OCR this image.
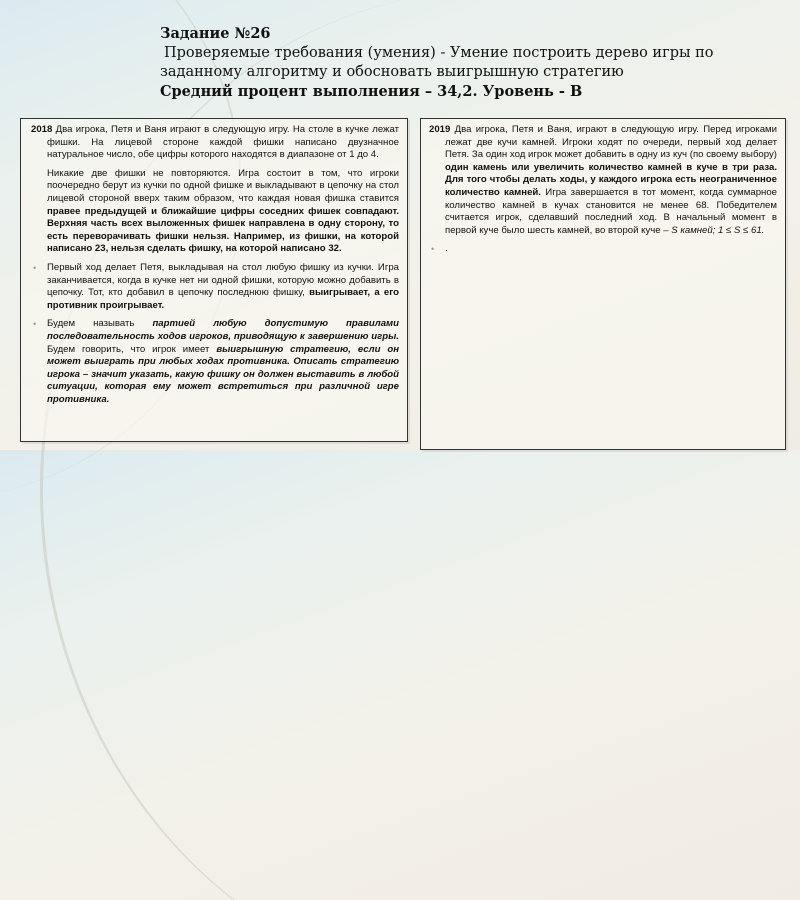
Задание №26
Проверяемые требования (умения) - Умение построить дерево игры по
заданному алгоритму и обосновать выигрышную стратегию
Средний процент выполнения – 34,2. Уровень - В

2018 Два игрока, Петя и Ваня играют в следующую игру. На столе в кучке лежат фишки. На лицевой стороне каждой фишки написано двузначное натуральное число, обе цифры которого находятся в диапазоне от 1 до 4.

Никакие две фишки не повторяются. Игра состоит в том, что игроки поочередно берут из кучки по одной фишке и выкладывают в цепочку на стол лицевой стороной вверх таким образом, что каждая новая фишка ставится правее предыдущей и ближайшие цифры соседних фишек совпадают. Верхняя часть всех выложенных фишек направлена в одну сторону, то есть переворачивать фишки нельзя. Например, из фишки, на которой написано 23, нельзя сделать фишку, на которой написано 32.

• Первый ход делает Петя, выкладывая на стол любую фишку из кучки. Игра заканчивается, когда в кучке нет ни одной фишки, которую можно добавить в цепочку. Тот, кто добавил в цепочку последнюю фишку, выигрывает, а его противник проигрывает.

• Будем называть партией любую допустимую правилами последовательность ходов игроков, приводящую к завершению игры. Будем говорить, что игрок имеет выигрышную стратегию, если он может выиграть при любых ходах противника. Описать стратегию игрока – значит указать, какую фишку он должен выставить в любой ситуации, которая ему может встретиться при различной игре противника.

2019 Два игрока, Петя и Ваня, играют в следующую игру. Перед игроками лежат две кучи камней. Игроки ходят по очереди, первый ход делает Петя. За один ход игрок может добавить в одну из куч (по своему выбору) один камень или увеличить количество камней в куче в три раза. Для того чтобы делать ходы, у каждого игрока есть неограниченное количество камней. Игра завершается в тот момент, когда суммарное количество камней в кучах становится не менее 68. Победителем считается игрок, сделавший последний ход. В начальный момент в первой куче было шесть камней, во второй куче – S камней; 1 ≤ S ≤ 61.

• .
